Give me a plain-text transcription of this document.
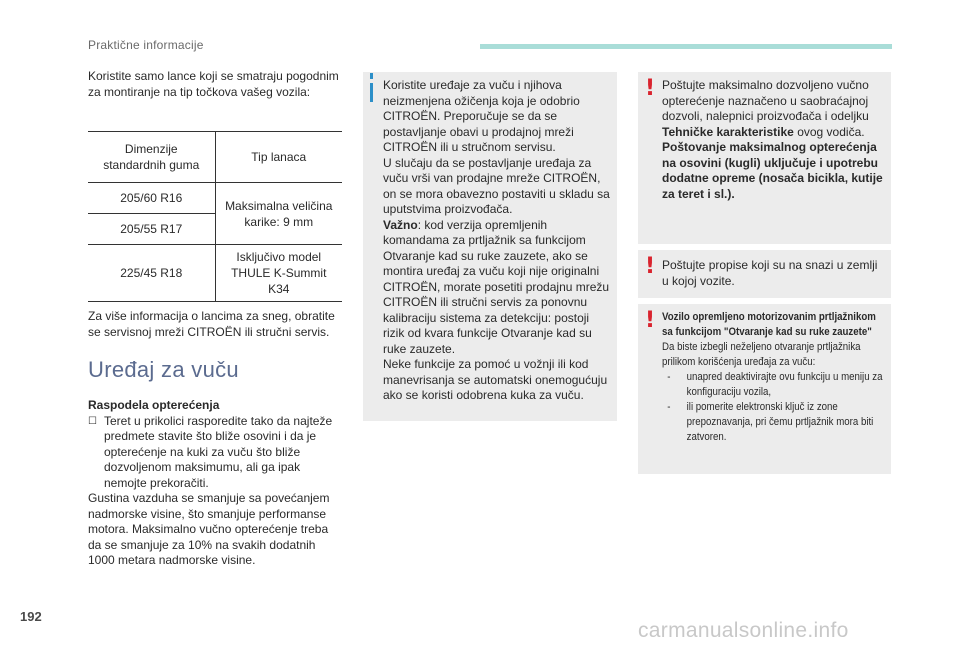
Praktične informacije

Koristite samo lance koji se smatraju pogodnim za montiranje na tip točkova vašeg vozila:

Dimenzije standardnih guma	Tip lanaca
205/60 R16	Maksimalna veličina karike: 9 mm
205/55 R17	
225/45 R18	Isključivo model THULE K-Summit K34

Za više informacija o lancima za sneg, obratite se servisnoj mreži CITROËN ili stručni servis.

Uređaj za vuču
Raspodela opterećenja
☐ Teret u prikolici rasporedite tako da najteže predmete stavite što bliže osovini i da je opterećenje na kuki za vuču što bliže dozvoljenom maksimumu, ali ga ipak nemojte prekoračiti.
Gustina vazduha se smanjuje sa povećanjem nadmorske visine, što smanjuje performanse motora. Maksimalno vučno opterećenje treba da se smanjuje za 10% na svakih dodatnih 1000 metara nadmorske visine.
Koristite uređaje za vuču i njihova neizmenjena ožičenja koja je odobrio CITROËN. Preporučuje se da se postavljanje obavi u prodajnoj mreži CITROËN ili u stručnom servisu.
U slučaju da se postavljanje uređaja za vuču vrši van prodajne mreže CITROËN, on se mora obavezno postaviti u skladu sa uputstvima proizvođača.
Važno: kod verzija opremljenih komandama za prtljažnik sa funkcijom Otvaranje kad su ruke zauzete, ako se montira uređaj za vuču koji nije originalni CITROËN, morate posetiti prodajnu mrežu CITROËN ili stručni servis za ponovnu kalibraciju sistema za detekciju: postoji rizik od kvara funkcije Otvaranje kad su ruke zauzete.
Neke funkcije za pomoć u vožnji ili kod manevrisanja se automatski onemogućuju ako se koristi odobrena kuka za vuču.
! Poštujte maksimalno dozvoljeno vučno opterećenje naznačeno u saobraćajnoj dozvoli, nalepnici proizvođača i odeljku Tehničke karakteristike ovog vodiča.
Poštovanje maksimalnog opterećenja na osovini (kugli) uključuje i upotrebu dodatne opreme (nosača bicikla, kutije za teret i sl.).
! Poštujte propise koji su na snazi u zemlji u kojoj vozite.
! Vozilo opremljeno motorizovanim prtljažnikom sa funkcijom "Otvaranje kad su ruke zauzete"
Da biste izbegli neželjeno otvaranje prtljažnika prilikom korišćenja uređaja za vuču:
- unapred deaktivirajte ovu funkciju u meniju za konfiguraciju vozila,
- ili pomerite elektronski ključ iz zone prepoznavanja, pri čemu prtljažnik mora biti zatvoren.
192
carmanualsonline.info
